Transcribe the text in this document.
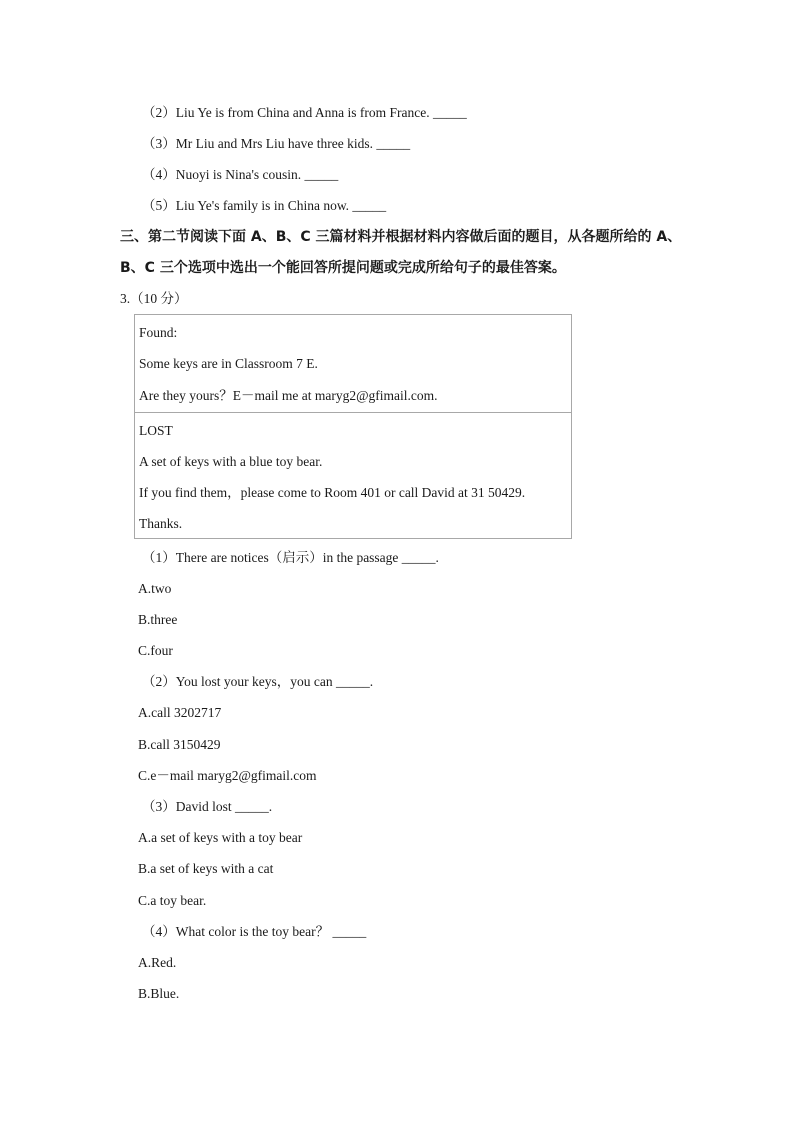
（2）Liu Ye is from China and Anna is from France. _____
（3）Mr Liu and Mrs Liu have three kids. _____
（4）Nuoyi is Nina's cousin. _____
（5）Liu Ye's family is in China now. _____
三、第二节阅读下面 A、B、C 三篇材料并根据材料内容做后面的题目，从各题所给的 A、
B、C 三个选项中选出一个能回答所提问题或完成所给句子的最佳答案。
3.（10 分）
Found:
Some keys are in Classroom 7 E.
Are they yours？E－mail me at maryg2@gfimail.com.
LOST
A set of keys with a blue toy bear.
If you find them，please come to Room 401 or call David at 31 50429.
Thanks.
（1）There are notices（启示）in the passage _____.
A.two
B.three
C.four
（2）You lost your keys，you can _____.
A.call 3202717
B.call 3150429
C.e－mail maryg2@gfimail.com
（3）David lost _____.
A.a set of keys with a toy bear
B.a set of keys with a cat
C.a toy bear.
（4）What color is the toy bear？ _____
A.Red.
B.Blue.
